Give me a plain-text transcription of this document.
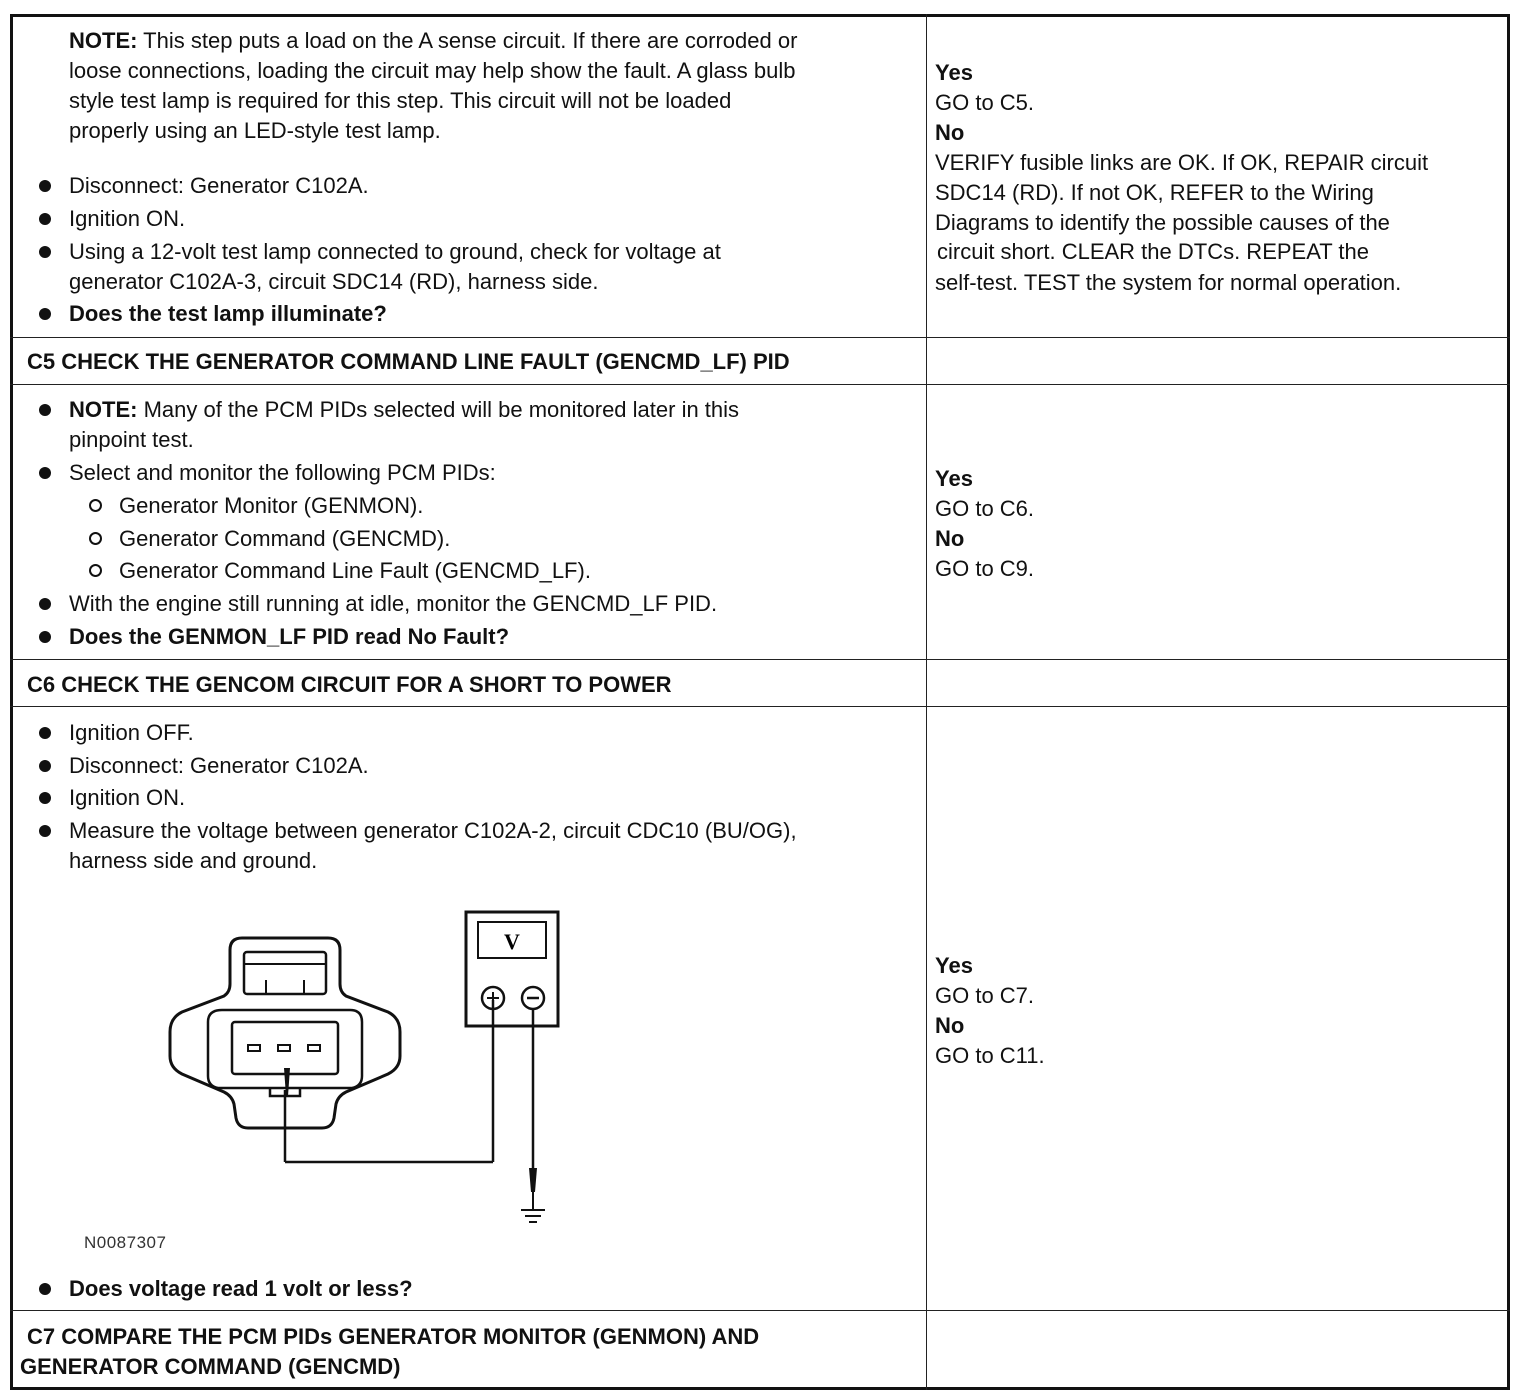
NOTE: This step puts a load on the A sense circuit. If there are corroded or
loose connections, loading the circuit may help show the fault. A glass bulb
style test lamp is required for this step. This circuit will not be loaded
properly using an LED-style test lamp.
Disconnect: Generator C102A.
Ignition ON.
Using a 12-volt test lamp connected to ground, check for voltage at
generator C102A-3, circuit SDC14 (RD), harness side.
Does the test lamp illuminate?
Yes
GO to C5.
No
VERIFY fusible links are OK. If OK, REPAIR circuit
SDC14 (RD). If not OK, REFER to the Wiring
Diagrams to identify the possible causes of the
circuit short. CLEAR the DTCs. REPEAT the
self-test. TEST the system for normal operation.
C5 CHECK THE GENERATOR COMMAND LINE FAULT (GENCMD_LF) PID
NOTE: Many of the PCM PIDs selected will be monitored later in this
pinpoint test.
Select and monitor the following PCM PIDs:
Generator Monitor (GENMON).
Generator Command (GENCMD).
Generator Command Line Fault (GENCMD_LF).
With the engine still running at idle, monitor the GENCMD_LF PID.
Does the GENMON_LF PID read No Fault?
Yes
GO to C6.
No
GO to C9.
C6 CHECK THE GENCOM CIRCUIT FOR A SHORT TO POWER
Ignition OFF.
Disconnect: Generator C102A.
Ignition ON.
Measure the voltage between generator C102A-2, circuit CDC10 (BU/OG),
harness side and ground.
V
N0087307
Does voltage read 1 volt or less?
Yes
GO to C7.
No
GO to C11.
C7 COMPARE THE PCM PIDs GENERATOR MONITOR (GENMON) AND
GENERATOR COMMAND (GENCMD)
